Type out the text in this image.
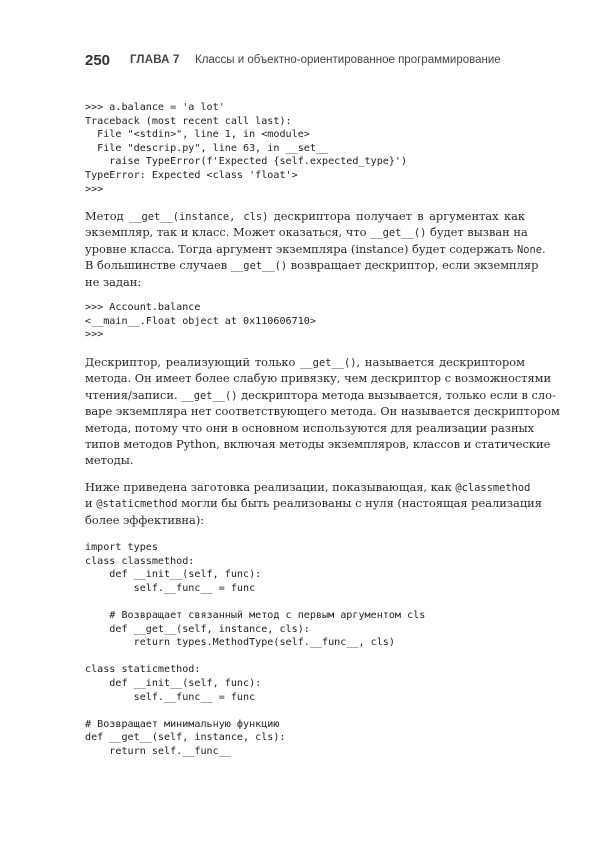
250 ГЛАВА 7 Классы и объектно-ориентированное программирование
>>> a.balance = 'a lot'
Traceback (most recent call last):
File "<stdin>", line 1, in <module>
File "descrip.py", line 63, in __set__
raise TypeError(f'Expected {self.expected_type}')
TypeError: Expected <class 'float'>
>>>
Метод __get__(instance, cls) дескриптора получает в аргументах как
экземпляр, так и класс. Может оказаться, что __get__() будет вызван на
уровне класса. Тогда аргумент экземпляра (instance) будет содержать None.
В большинстве случаев __get__() возвращает дескриптор, если экземпляр
не задан:
>>> Account.balance
<__main__.Float object at 0x110606710>
>>>
Дескриптор, реализующий только __get__(), называется дескриптором
метода. Он имеет более слабую привязку, чем дескриптор с возможностями
чтения/записи. __get__() дескриптора метода вызывается, только если в сло-
варе экземпляра нет соответствующего метода. Он называется дескриптором
метода, потому что они в основном используются для реализации разных
типов методов Python, включая методы экземпляров, классов и статические
методы.
Ниже приведена заготовка реализации, показывающая, как @classmethod
и @staticmethod могли бы быть реализованы с нуля (настоящая реализация
более эффективна):
import types
class classmethod:
def __init__(self, func):
self.__func__ = func

# Возвращает связанный метод с первым аргументом cls
def __get__(self, instance, cls):
return types.MethodType(self.__func__, cls)

class staticmethod:
def __init__(self, func):
self.__func__ = func

# Возвращает минимальную функцию
def __get__(self, instance, cls):
return self.__func__
